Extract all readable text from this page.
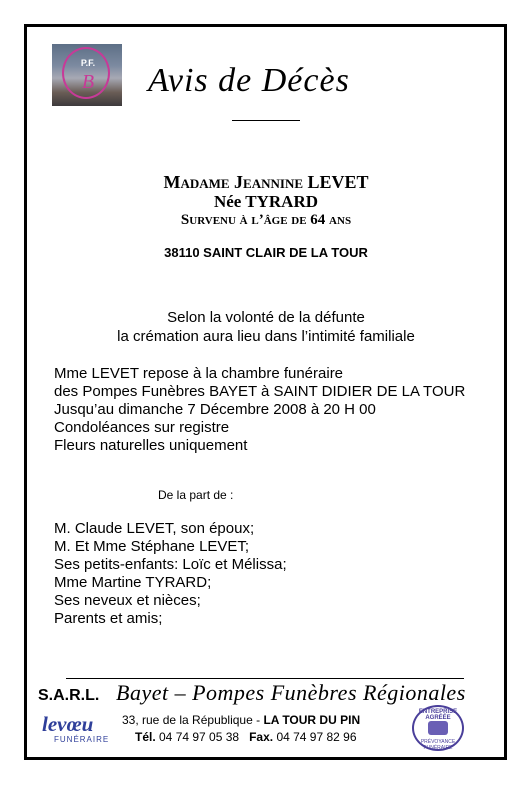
P.F.
B	Avis de Décès
Madame Jeannine LEVET
Née TYRARD
Survenu à l’âge de 64 ans
38110 SAINT CLAIR DE LA TOUR
Selon la volonté de la défunte
la crémation aura lieu dans l’intimité familiale
Mme LEVET repose à la chambre funéraire
des Pompes Funèbres BAYET à SAINT DIDIER DE LA TOUR
Jusqu’au dimanche 7 Décembre 2008 à 20 H 00
Condoléances sur registre
Fleurs naturelles uniquement
De la part de :
M. Claude LEVET, son époux;
M. Et Mme Stéphane LEVET;
Ses petits-enfants: Loïc et Mélissa;
Mme Martine TYRARD;
Ses neveux et nièces;
Parents et amis;
S.A.R.L. Bayet – Pompes Funèbres Régionales
levœu
FUNÉRAIRE
33, rue de la République - LA TOUR DU PIN
Tél. 04 74 97 05 38   Fax. 04 74 97 82 96
ENTREPRISE AGRÉÉE
PRÉVOYANCE FUNÉRAIRE
